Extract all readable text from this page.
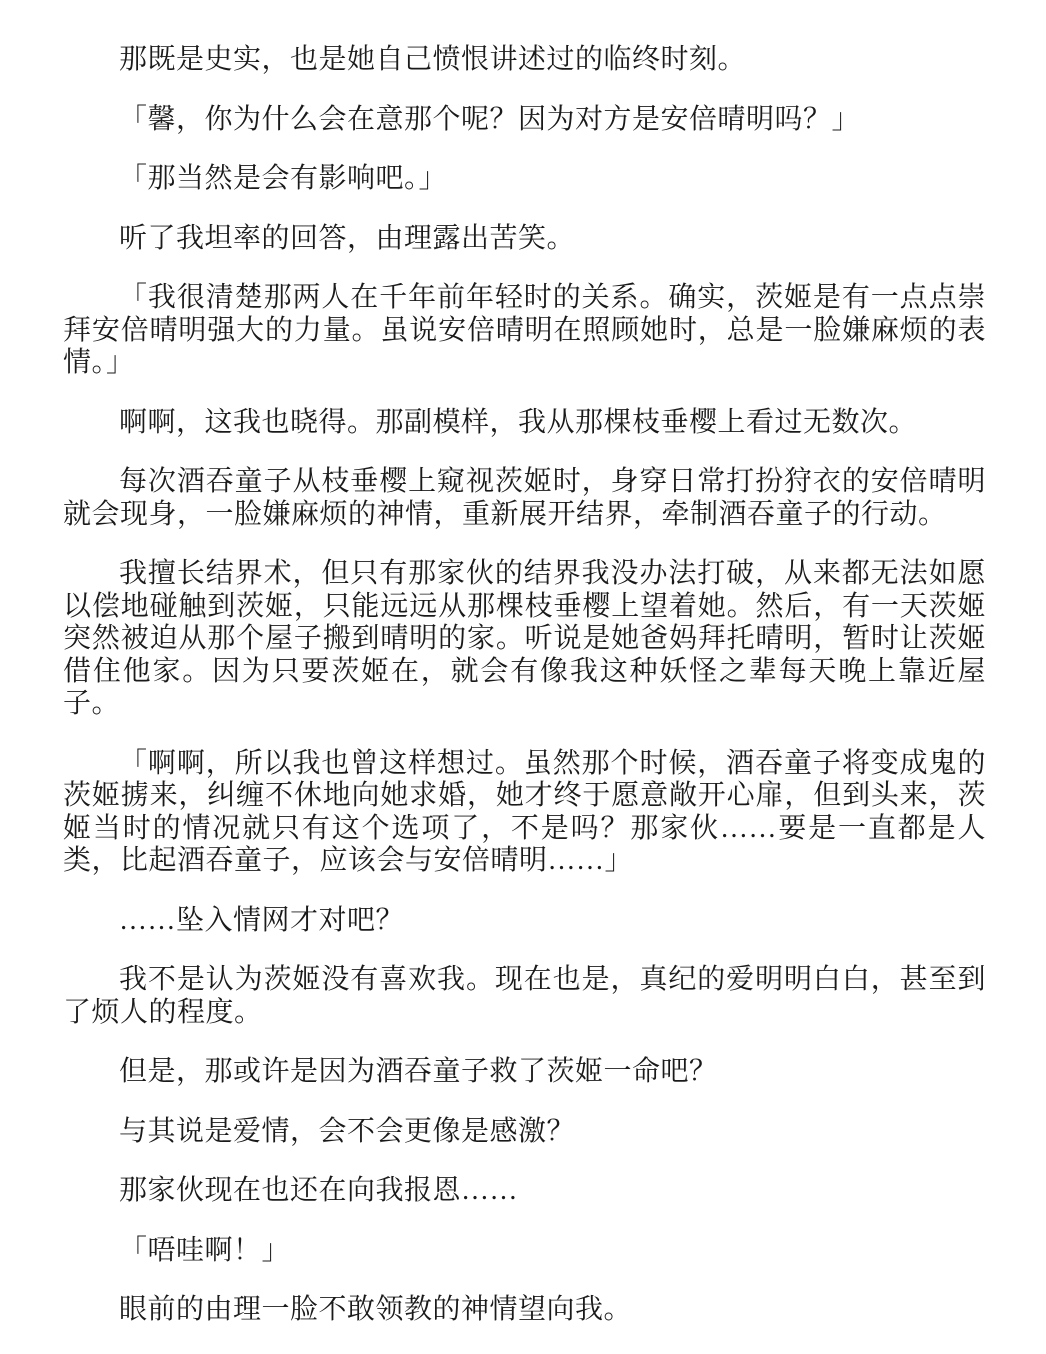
那既是史实，也是她自己愤恨讲述过的临终时刻。

「馨，你为什么会在意那个呢？因为对方是安倍晴明吗？」

「那当然是会有影响吧。」

听了我坦率的回答，由理露出苦笑。

「我很清楚那两人在千年前年轻时的关系。确实，茨姬是有一点点崇拜安倍晴明强大的力量。虽说安倍晴明在照顾她时，总是一脸嫌麻烦的表情。」

啊啊，这我也晓得。那副模样，我从那棵枝垂樱上看过无数次。

每次酒吞童子从枝垂樱上窥视茨姬时，身穿日常打扮狩衣的安倍晴明就会现身，一脸嫌麻烦的神情，重新展开结界，牵制酒吞童子的行动。

我擅长结界术，但只有那家伙的结界我没办法打破，从来都无法如愿以偿地碰触到茨姬，只能远远从那棵枝垂樱上望着她。然后，有一天茨姬突然被迫从那个屋子搬到晴明的家。听说是她爸妈拜托晴明，暂时让茨姬借住他家。因为只要茨姬在，就会有像我这种妖怪之辈每天晚上靠近屋子。

「啊啊，所以我也曾这样想过。虽然那个时候，酒吞童子将变成鬼的茨姬掳来，纠缠不休地向她求婚，她才终于愿意敞开心扉，但到头来，茨姬当时的情况就只有这个选项了，不是吗？那家伙……要是一直都是人类，比起酒吞童子，应该会与安倍晴明……」

……坠入情网才对吧？

我不是认为茨姬没有喜欢我。现在也是，真纪的爱明明白白，甚至到了烦人的程度。

但是，那或许是因为酒吞童子救了茨姬一命吧？

与其说是爱情，会不会更像是感激？

那家伙现在也还在向我报恩……

「唔哇啊！」

眼前的由理一脸不敢领教的神情望向我。
